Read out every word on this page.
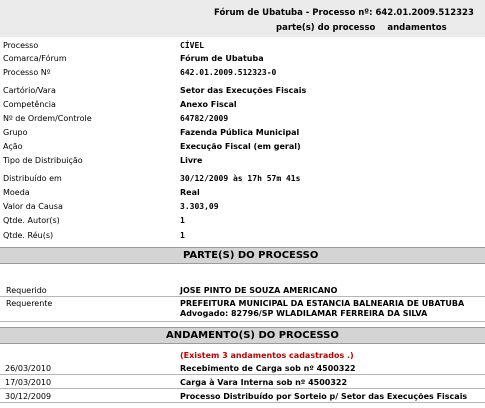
Fórum de Ubatuba - Processo nº: 642.01.2009.512323
parte(s) do processo andamentos
Processo	CÍVEL
Comarca/Fórum	Fórum de Ubatuba
Processo Nº	642.01.2009.512323-0
Cartório/Vara	Setor das Execuções Fiscais
Competência	Anexo Fiscal
Nº de Ordem/Controle	64782/2009
Grupo	Fazenda Pública Municipal
Ação	Execução Fiscal (em geral)
Tipo de Distribuição	Livre
Distribuído em	30/12/2009 às 17h 57m 41s
Moeda	Real
Valor da Causa	3.303,09
Qtde. Autor(s)	1
Qtde. Réu(s)	1
PARTE(S) DO PROCESSO
Requerido	JOSE PINTO DE SOUZA AMERICANO
Requerente	PREFEITURA MUNICIPAL DA ESTANCIA BALNEARIA DE UBATUBA
Advogado: 82796/SP WLADILAMAR FERREIRA DA SILVA
ANDAMENTO(S) DO PROCESSO
(Existem 3 andamentos cadastrados .)
26/03/2010	Recebimento de Carga sob nº 4500322
17/03/2010	Carga à Vara Interna sob nº 4500322
30/12/2009	Processo Distribuído por Sorteio p/ Setor das Execuções Fiscais
